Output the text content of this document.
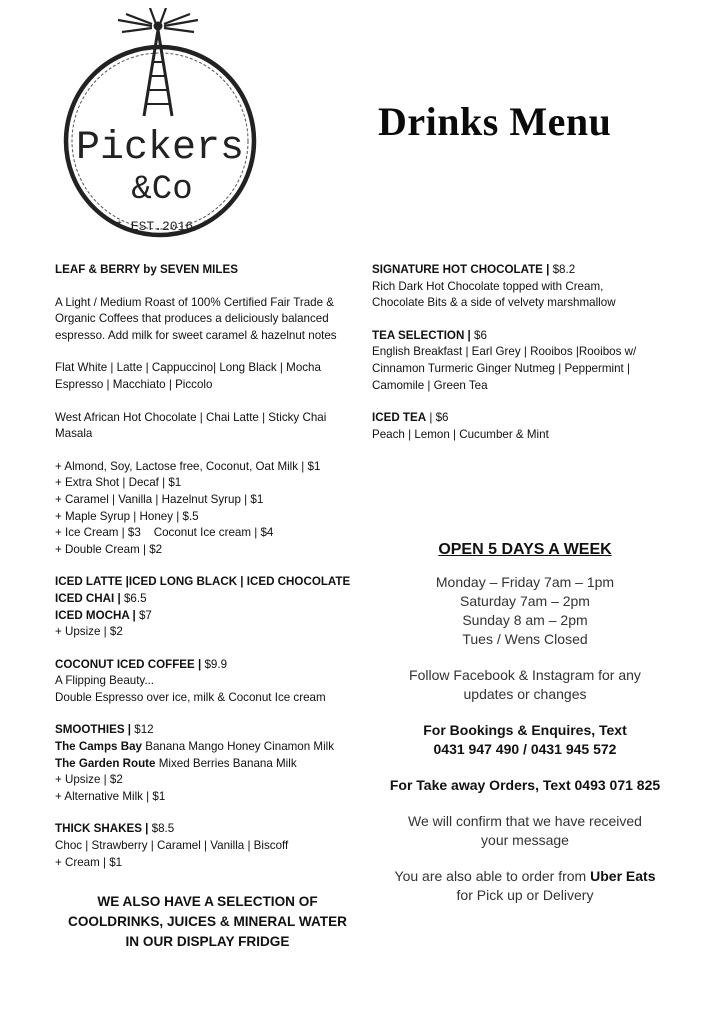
Pickers
&Co
* EST.2016 *
Drinks Menu

LEAF & BERRY by SEVEN MILES

A Light / Medium Roast of 100% Certified Fair Trade &

Organic Coffees that produces a deliciously balanced

espresso. Add milk for sweet caramel & hazelnut notes

Flat White | Latte | Cappuccino| Long Black | Mocha

Espresso | Macchiato | Piccolo

West African Hot Chocolate | Chai Latte | Sticky Chai

Masala

+ Almond, Soy, Lactose free, Coconut, Oat Milk | $1

+ Extra Shot | Decaf | $1

+ Caramel | Vanilla | Hazelnut Syrup | $1

+ Maple Syrup | Honey | $.5

+ Ice Cream | $3    Coconut Ice cream | $4

+ Double Cream | $2

ICED LATTE |ICED LONG BLACK | ICED CHOCOLATE

ICED CHAI | $6.5

ICED MOCHA | $7

+ Upsize | $2

COCONUT ICED COFFEE | $9.9

A Flipping Beauty...

Double Espresso over ice, milk & Coconut Ice cream

SMOOTHIES | $12

The Camps Bay Banana Mango Honey Cinamon Milk

The Garden Route Mixed Berries Banana Milk

+ Upsize | $2

+ Alternative Milk | $1

THICK SHAKES | $8.5

Choc | Strawberry | Caramel | Vanilla | Biscoff

+ Cream | $1

WE ALSO HAVE A SELECTION OF
COOLDRINKS, JUICES & MINERAL WATER
IN OUR DISPLAY FRIDGE

SIGNATURE HOT CHOCOLATE | $8.2

Rich Dark Hot Chocolate topped with Cream,

Chocolate Bits & a side of velvety marshmallow

TEA SELECTION | $6

English Breakfast | Earl Grey | Rooibos |Rooibos w/

Cinnamon Turmeric Ginger Nutmeg | Peppermint |

Camomile | Green Tea

ICED TEA | $6

Peach | Lemon | Cucumber & Mint

OPEN 5 DAYS A WEEK

Monday – Friday 7am – 1pm

Saturday 7am – 2pm

Sunday 8 am – 2pm

Tues / Wens Closed

Follow Facebook & Instagram for any

updates or changes

For Bookings & Enquires, Text

0431 947 490 / 0431 945 572

For Take away Orders, Text 0493 071 825

We will confirm that we have received

your message

You are also able to order from Uber Eats

for Pick up or Delivery
